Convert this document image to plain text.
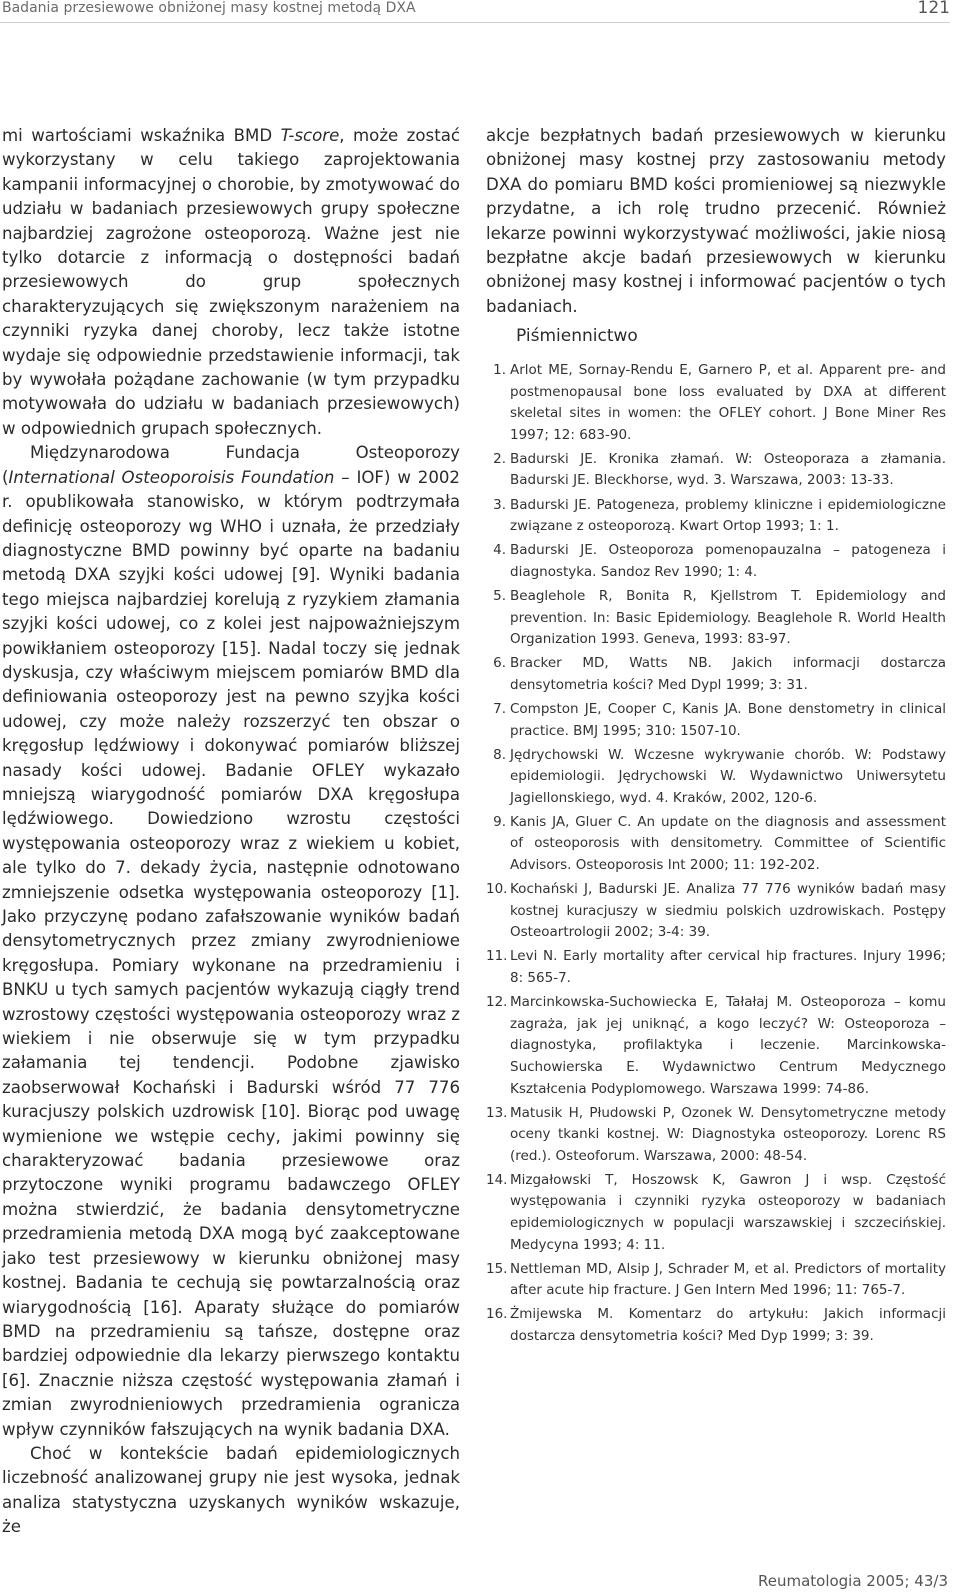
Badania przesiewowe obniżonej masy kostnej metodą DXA	121

mi wartościami wskaźnika BMD T-score, może zostać wykorzystany w celu takiego zaprojektowania kampanii informacyjnej o chorobie, by zmotywować do udziału w badaniach przesiewowych grupy społeczne najbardziej zagrożone osteoporozą. Ważne jest nie tylko dotarcie z informacją o dostępności badań przesiewowych do grup społecznych charakteryzujących się zwiększonym narażeniem na czynniki ryzyka danej choroby, lecz także istotne wydaje się odpowiednie przedstawienie informacji, tak by wywołała pożądane zachowanie (w tym przypadku motywowała do udziału w badaniach przesiewowych) w odpowiednich grupach społecznych.

Międzynarodowa Fundacja Osteoporozy (International Osteoporoisis Foundation – IOF) w 2002 r. opublikowała stanowisko, w którym podtrzymała definicję osteoporozy wg WHO i uznała, że przedziały diagnostyczne BMD powinny być oparte na badaniu metodą DXA szyjki kości udowej [9]. Wyniki badania tego miejsca najbardziej korelują z ryzykiem złamania szyjki kości udowej, co z kolei jest najpoważniejszym powikłaniem osteoporozy [15]. Nadal toczy się jednak dyskusja, czy właściwym miejscem pomiarów BMD dla definiowania osteoporozy jest na pewno szyjka kości udowej, czy może należy rozszerzyć ten obszar o kręgosłup lędźwiowy i dokonywać pomiarów bliższej nasady kości udowej. Badanie OFLEY wykazało mniejszą wiarygodność pomiarów DXA kręgosłupa lędźwiowego. Dowiedziono wzrostu częstości występowania osteoporozy wraz z wiekiem u kobiet, ale tylko do 7. dekady życia, następnie odnotowano zmniejszenie odsetka występowania osteoporozy [1]. Jako przyczynę podano zafałszowanie wyników badań densytometrycznych przez zmiany zwyrodnieniowe kręgosłupa. Pomiary wykonane na przedramieniu i BNKU u tych samych pacjentów wykazują ciągły trend wzrostowy częstości występowania osteoporozy wraz z wiekiem i nie obserwuje się w tym przypadku załamania tej tendencji. Podobne zjawisko zaobserwował Kochański i Badurski wśród 77 776 kuracjuszy polskich uzdrowisk [10]. Biorąc pod uwagę wymienione we wstępie cechy, jakimi powinny się charakteryzować badania przesiewowe oraz przytoczone wyniki programu badawczego OFLEY można stwierdzić, że badania densytometryczne przedramienia metodą DXA mogą być zaakceptowane jako test przesiewowy w kierunku obniżonej masy kostnej. Badania te cechują się powtarzalnością oraz wiarygodnością [16]. Aparaty służące do pomiarów BMD na przedramieniu są tańsze, dostępne oraz bardziej odpowiednie dla lekarzy pierwszego kontaktu [6]. Znacznie niższa częstość występowania złamań i zmian zwyrodnieniowych przedramienia ogranicza wpływ czynników fałszujących na wynik badania DXA.

Choć w kontekście badań epidemiologicznych liczebność analizowanej grupy nie jest wysoka, jednak analiza statystyczna uzyskanych wyników wskazuje, że

akcje bezpłatnych badań przesiewowych w kierunku obniżonej masy kostnej przy zastosowaniu metody DXA do pomiaru BMD kości promieniowej są niezwykle przydatne, a ich rolę trudno przecenić. Również lekarze powinni wykorzystywać możliwości, jakie niosą bezpłatne akcje badań przesiewowych w kierunku obniżonej masy kostnej i informować pacjentów o tych badaniach.

Piśmiennictwo
1. Arlot ME, Sornay-Rendu E, Garnero P, et al. Apparent pre- and postmenopausal bone loss evaluated by DXA at different skeletal sites in women: the OFLEY cohort. J Bone Miner Res 1997; 12: 683-90.
2. Badurski JE. Kronika złamań. W: Osteoporaza a złamania. Badurski JE. Bleckhorse, wyd. 3. Warszawa, 2003: 13-33.
3. Badurski JE. Patogeneza, problemy kliniczne i epidemiologiczne związane z osteoporozą. Kwart Ortop 1993; 1: 1.
4. Badurski JE. Osteoporoza pomenopauzalna – patogeneza i diagnostyka. Sandoz Rev 1990; 1: 4.
5. Beaglehole R, Bonita R, Kjellstrom T. Epidemiology and prevention. In: Basic Epidemiology. Beaglehole R. World Health Organization 1993. Geneva, 1993: 83-97.
6. Bracker MD, Watts NB. Jakich informacji dostarcza densytometria kości? Med Dypl 1999; 3: 31.
7. Compston JE, Cooper C, Kanis JA. Bone denstometry in clinical practice. BMJ 1995; 310: 1507-10.
8. Jędrychowski W. Wczesne wykrywanie chorób. W: Podstawy epidemiologii. Jędrychowski W. Wydawnictwo Uniwersytetu Jagiellonskiego, wyd. 4. Kraków, 2002, 120-6.
9. Kanis JA, Gluer C. An update on the diagnosis and assessment of osteoporosis with densitometry. Committee of Scientific Advisors. Osteoporosis Int 2000; 11: 192-202.
10. Kochański J, Badurski JE. Analiza 77 776 wyników badań masy kostnej kuracjuszy w siedmiu polskich uzdrowiskach. Postępy Osteoartrologii 2002; 3-4: 39.
11. Levi N. Early mortality after cervical hip fractures. Injury 1996; 8: 565-7.
12. Marcinkowska-Suchowiecka E, Tałałaj M. Osteoporoza – komu zagraża, jak jej uniknąć, a kogo leczyć? W: Osteoporoza – diagnostyka, profilaktyka i leczenie. Marcinkowska-Suchowierska E. Wydawnictwo Centrum Medycznego Kształcenia Podyplomowego. Warszawa 1999: 74-86.
13. Matusik H, Płudowski P, Ozonek W. Densytometryczne metody oceny tkanki kostnej. W: Diagnostyka osteoporozy. Lorenc RS (red.). Osteoforum. Warszawa, 2000: 48-54.
14. Mizgałowski T, Hoszowsk K, Gawron J i wsp. Częstość występowania i czynniki ryzyka osteoporozy w badaniach epidemiologicznych w populacji warszawskiej i szczecińskiej. Medycyna 1993; 4: 11.
15. Nettleman MD, Alsip J, Schrader M, et al. Predictors of mortality after acute hip fracture. J Gen Intern Med 1996; 11: 765-7.
16. Żmijewska M. Komentarz do artykułu: Jakich informacji dostarcza densytometria kości? Med Dyp 1999; 3: 39.
Reumatologia 2005; 43/3
